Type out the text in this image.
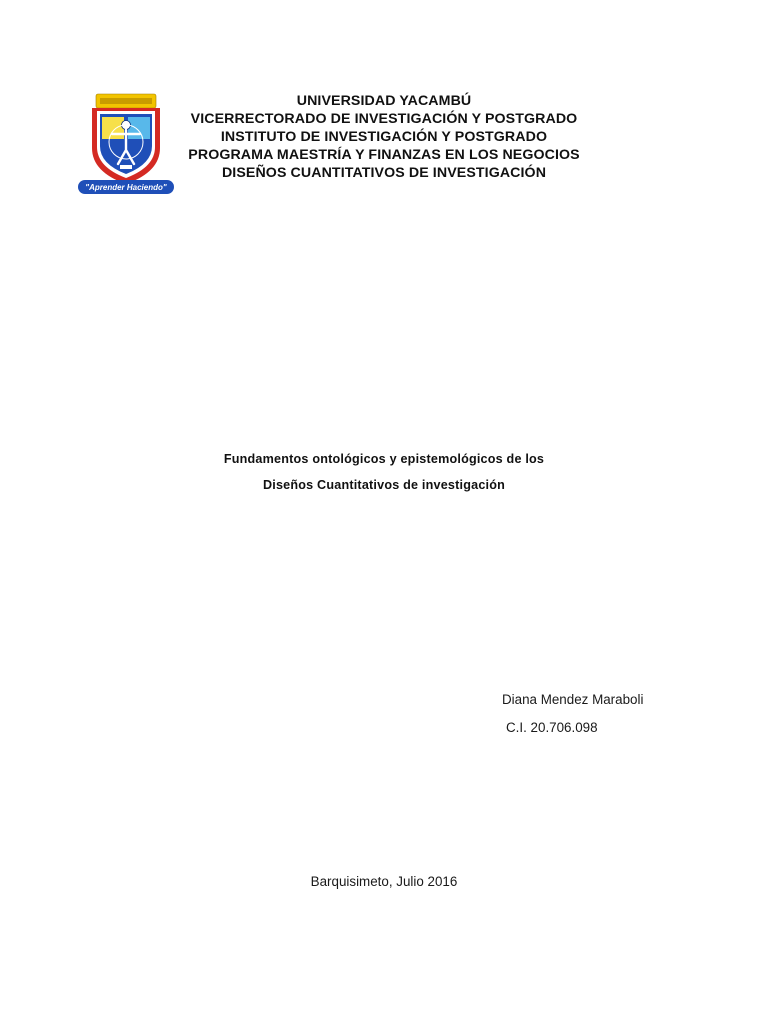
"Aprender Haciendo"
UNIVERSIDAD YACAMBÚ
VICERRECTORADO DE INVESTIGACIÓN Y POSTGRADO
INSTITUTO DE INVESTIGACIÓN Y POSTGRADO
PROGRAMA MAESTRÍA Y FINANZAS EN LOS NEGOCIOS
DISEÑOS CUANTITATIVOS DE INVESTIGACIÓN
Fundamentos ontológicos y epistemológicos de los
Diseños Cuantitativos de investigación
Diana Mendez Maraboli
C.I. 20.706.098
Barquisimeto, Julio 2016
